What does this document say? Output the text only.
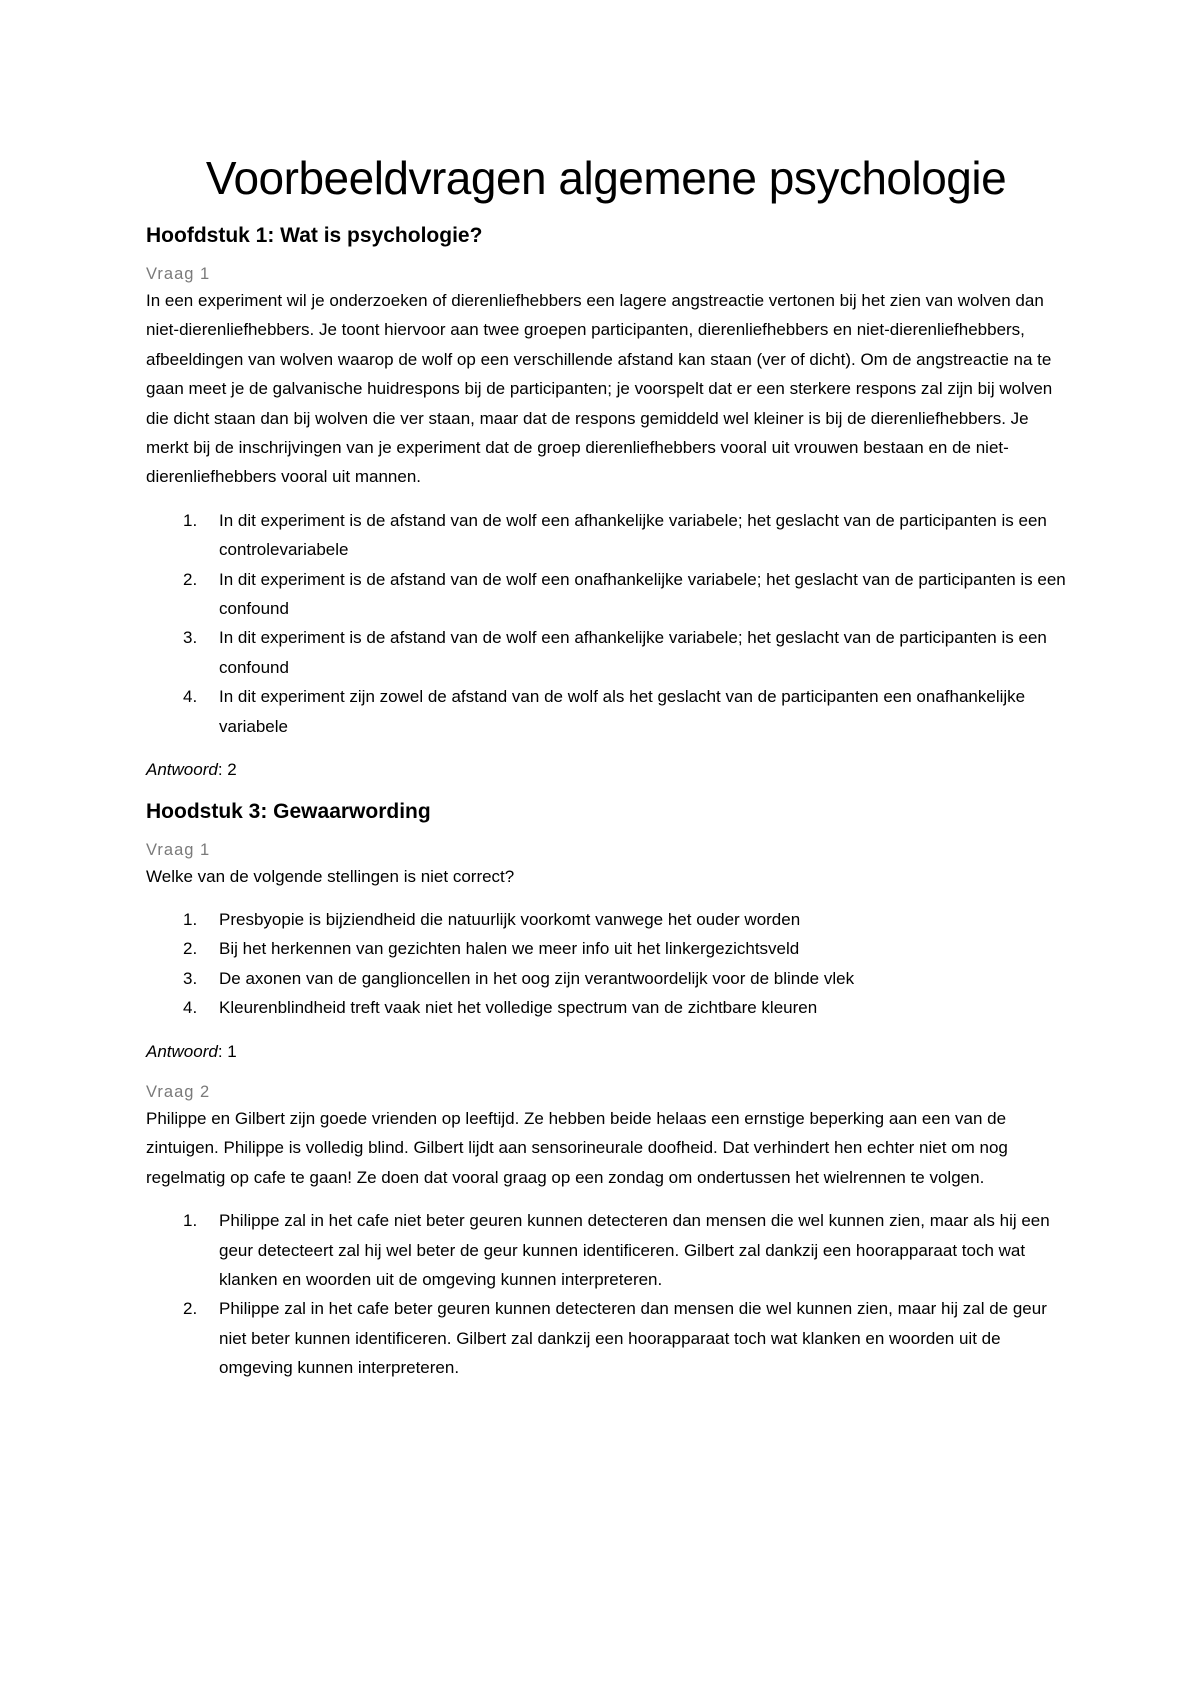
Voorbeeldvragen algemene psychologie
Hoofdstuk 1: Wat is psychologie?
Vraag 1

In een experiment wil je onderzoeken of dierenliefhebbers een lagere angstreactie vertonen bij het zien van wolven dan niet-dierenliefhebbers. Je toont hiervoor aan twee groepen participanten, dierenliefhebbers en niet-dierenliefhebbers, afbeeldingen van wolven waarop de wolf op een verschillende afstand kan staan (ver of dicht). Om de angstreactie na te gaan meet je de galvanische huidrespons bij de participanten; je voorspelt dat er een sterkere respons zal zijn bij wolven die dicht staan dan bij wolven die ver staan, maar dat de respons gemiddeld wel kleiner is bij de dierenliefhebbers. Je merkt bij de inschrijvingen van je experiment dat de groep dierenliefhebbers vooral uit vrouwen bestaan en de niet-dierenliefhebbers vooral uit mannen.

1. In dit experiment is de afstand van de wolf een afhankelijke variabele; het geslacht van de participanten is een controlevariabele
2. In dit experiment is de afstand van de wolf een onafhankelijke variabele; het geslacht van de participanten is een confound
3. In dit experiment is de afstand van de wolf een afhankelijke variabele; het geslacht van de participanten is een confound
4. In dit experiment zijn zowel de afstand van de wolf als het geslacht van de participanten een onafhankelijke variabele

Antwoord: 2

Hoodstuk 3: Gewaarwording
Vraag 1

Welke van de volgende stellingen is niet correct?

1. Presbyopie is bijziendheid die natuurlijk voorkomt vanwege het ouder worden
2. Bij het herkennen van gezichten halen we meer info uit het linkergezichtsveld
3. De axonen van de ganglioncellen in het oog zijn verantwoordelijk voor de blinde vlek
4. Kleurenblindheid treft vaak niet het volledige spectrum van de zichtbare kleuren

Antwoord: 1

Vraag 2

Philippe en Gilbert zijn goede vrienden op leeftijd. Ze hebben beide helaas een ernstige beperking aan een van de zintuigen. Philippe is volledig blind. Gilbert lijdt aan sensorineurale doofheid. Dat verhindert hen echter niet om nog regelmatig op cafe te gaan! Ze doen dat vooral graag op een zondag om ondertussen het wielrennen te volgen.

1. Philippe zal in het cafe niet beter geuren kunnen detecteren dan mensen die wel kunnen zien, maar als hij een geur detecteert zal hij wel beter de geur kunnen identificeren. Gilbert zal dankzij een hoorapparaat toch wat klanken en woorden uit de omgeving kunnen interpreteren.
2. Philippe zal in het cafe beter geuren kunnen detecteren dan mensen die wel kunnen zien, maar hij zal de geur niet beter kunnen identificeren. Gilbert zal dankzij een hoorapparaat toch wat klanken en woorden uit de omgeving kunnen interpreteren.
